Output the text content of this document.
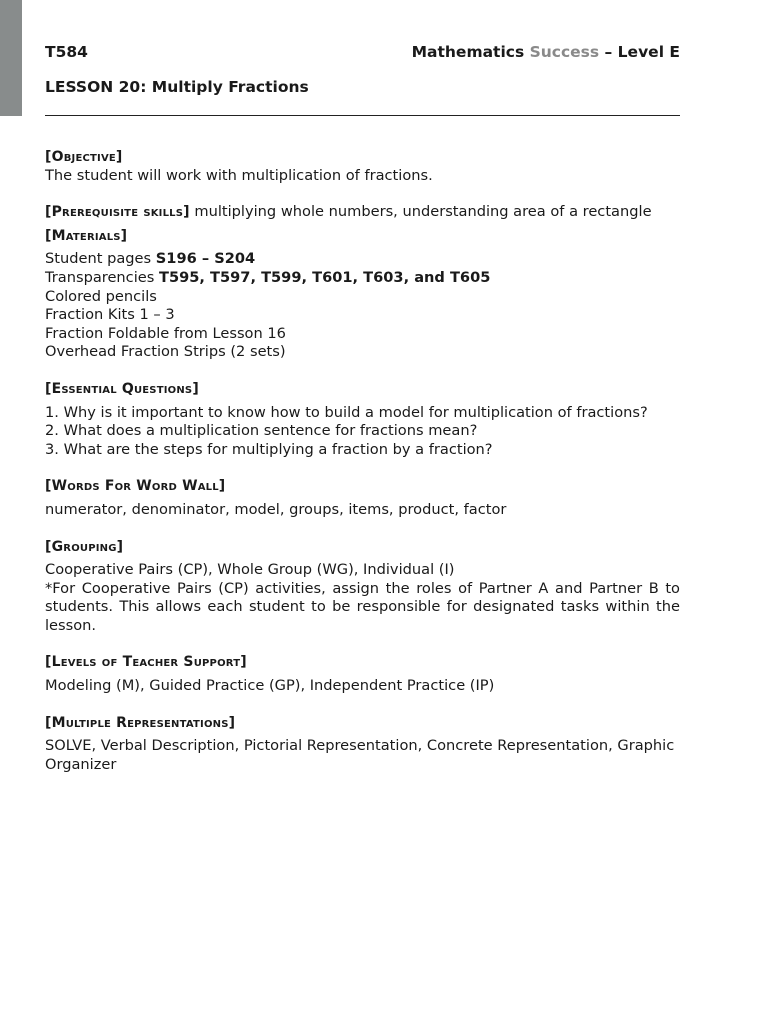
T584	Mathematics Success – Level E
LESSON 20: Multiply Fractions
[Objective]
The student will work with multiplication of fractions.
[Prerequisite skills] multiplying whole numbers, understanding area of a rectangle
[Materials]
Student pages S196 – S204
Transparencies T595, T597, T599, T601, T603, and T605
Colored pencils
Fraction Kits 1 – 3
Fraction Foldable from Lesson 16
Overhead Fraction Strips (2 sets)
[Essential Questions]
1. Why is it important to know how to build a model for multiplication of fractions?
2. What does a multiplication sentence for fractions mean?
3. What are the steps for multiplying a fraction by a fraction?
[Words For Word Wall]
numerator, denominator, model, groups, items, product, factor
[Grouping]
Cooperative Pairs (CP), Whole Group (WG), Individual (I)
*For Cooperative Pairs (CP) activities, assign the roles of Partner A and Partner B to students. This allows each student to be responsible for designated tasks within the lesson.
[Levels of Teacher Support]
Modeling (M), Guided Practice (GP), Independent Practice (IP)
[Multiple Representations]
SOLVE, Verbal Description, Pictorial Representation, Concrete Representation, Graphic Organizer
